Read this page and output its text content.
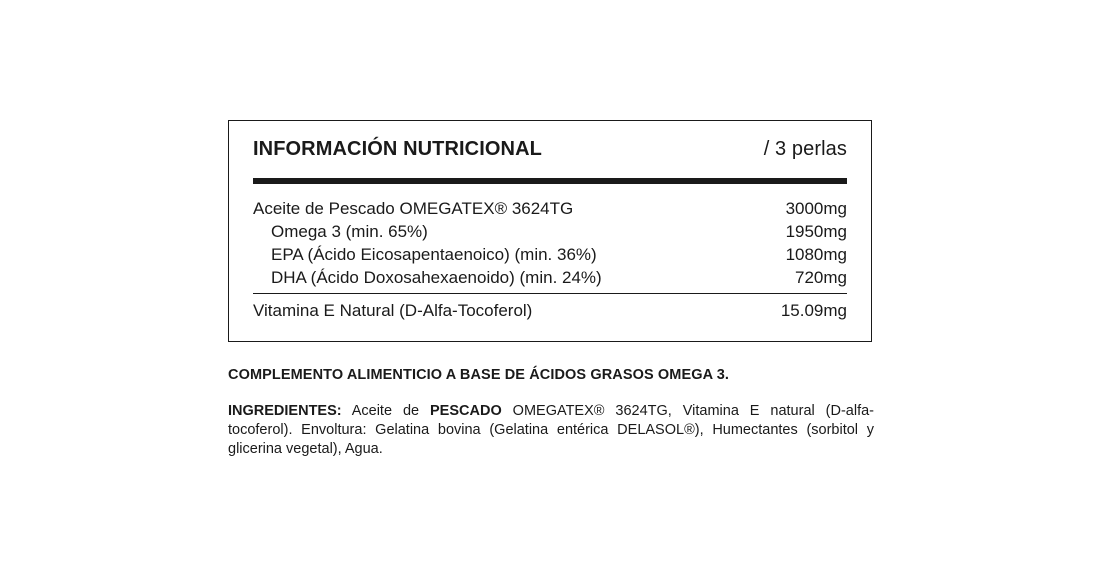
INFORMACIÓN NUTRICIONAL	/ 3 perlas
Aceite de Pescado OMEGATEX® 3624TG	3000mg
Omega 3 (min. 65%)	1950mg
EPA (Ácido Eicosapentaenoico) (min. 36%)	1080mg
DHA (Ácido Doxosahexaenoido) (min. 24%)	720mg
Vitamina E Natural (D-Alfa-Tocoferol)	15.09mg
COMPLEMENTO ALIMENTICIO A BASE DE ÁCIDOS GRASOS OMEGA 3.
INGREDIENTES: Aceite de PESCADO OMEGATEX® 3624TG, Vitamina E natural (D-alfa-tocoferol). Envoltura: Gelatina bovina (Gelatina entérica DELASOL®), Humectantes (sorbitol y glicerina vegetal), Agua.
